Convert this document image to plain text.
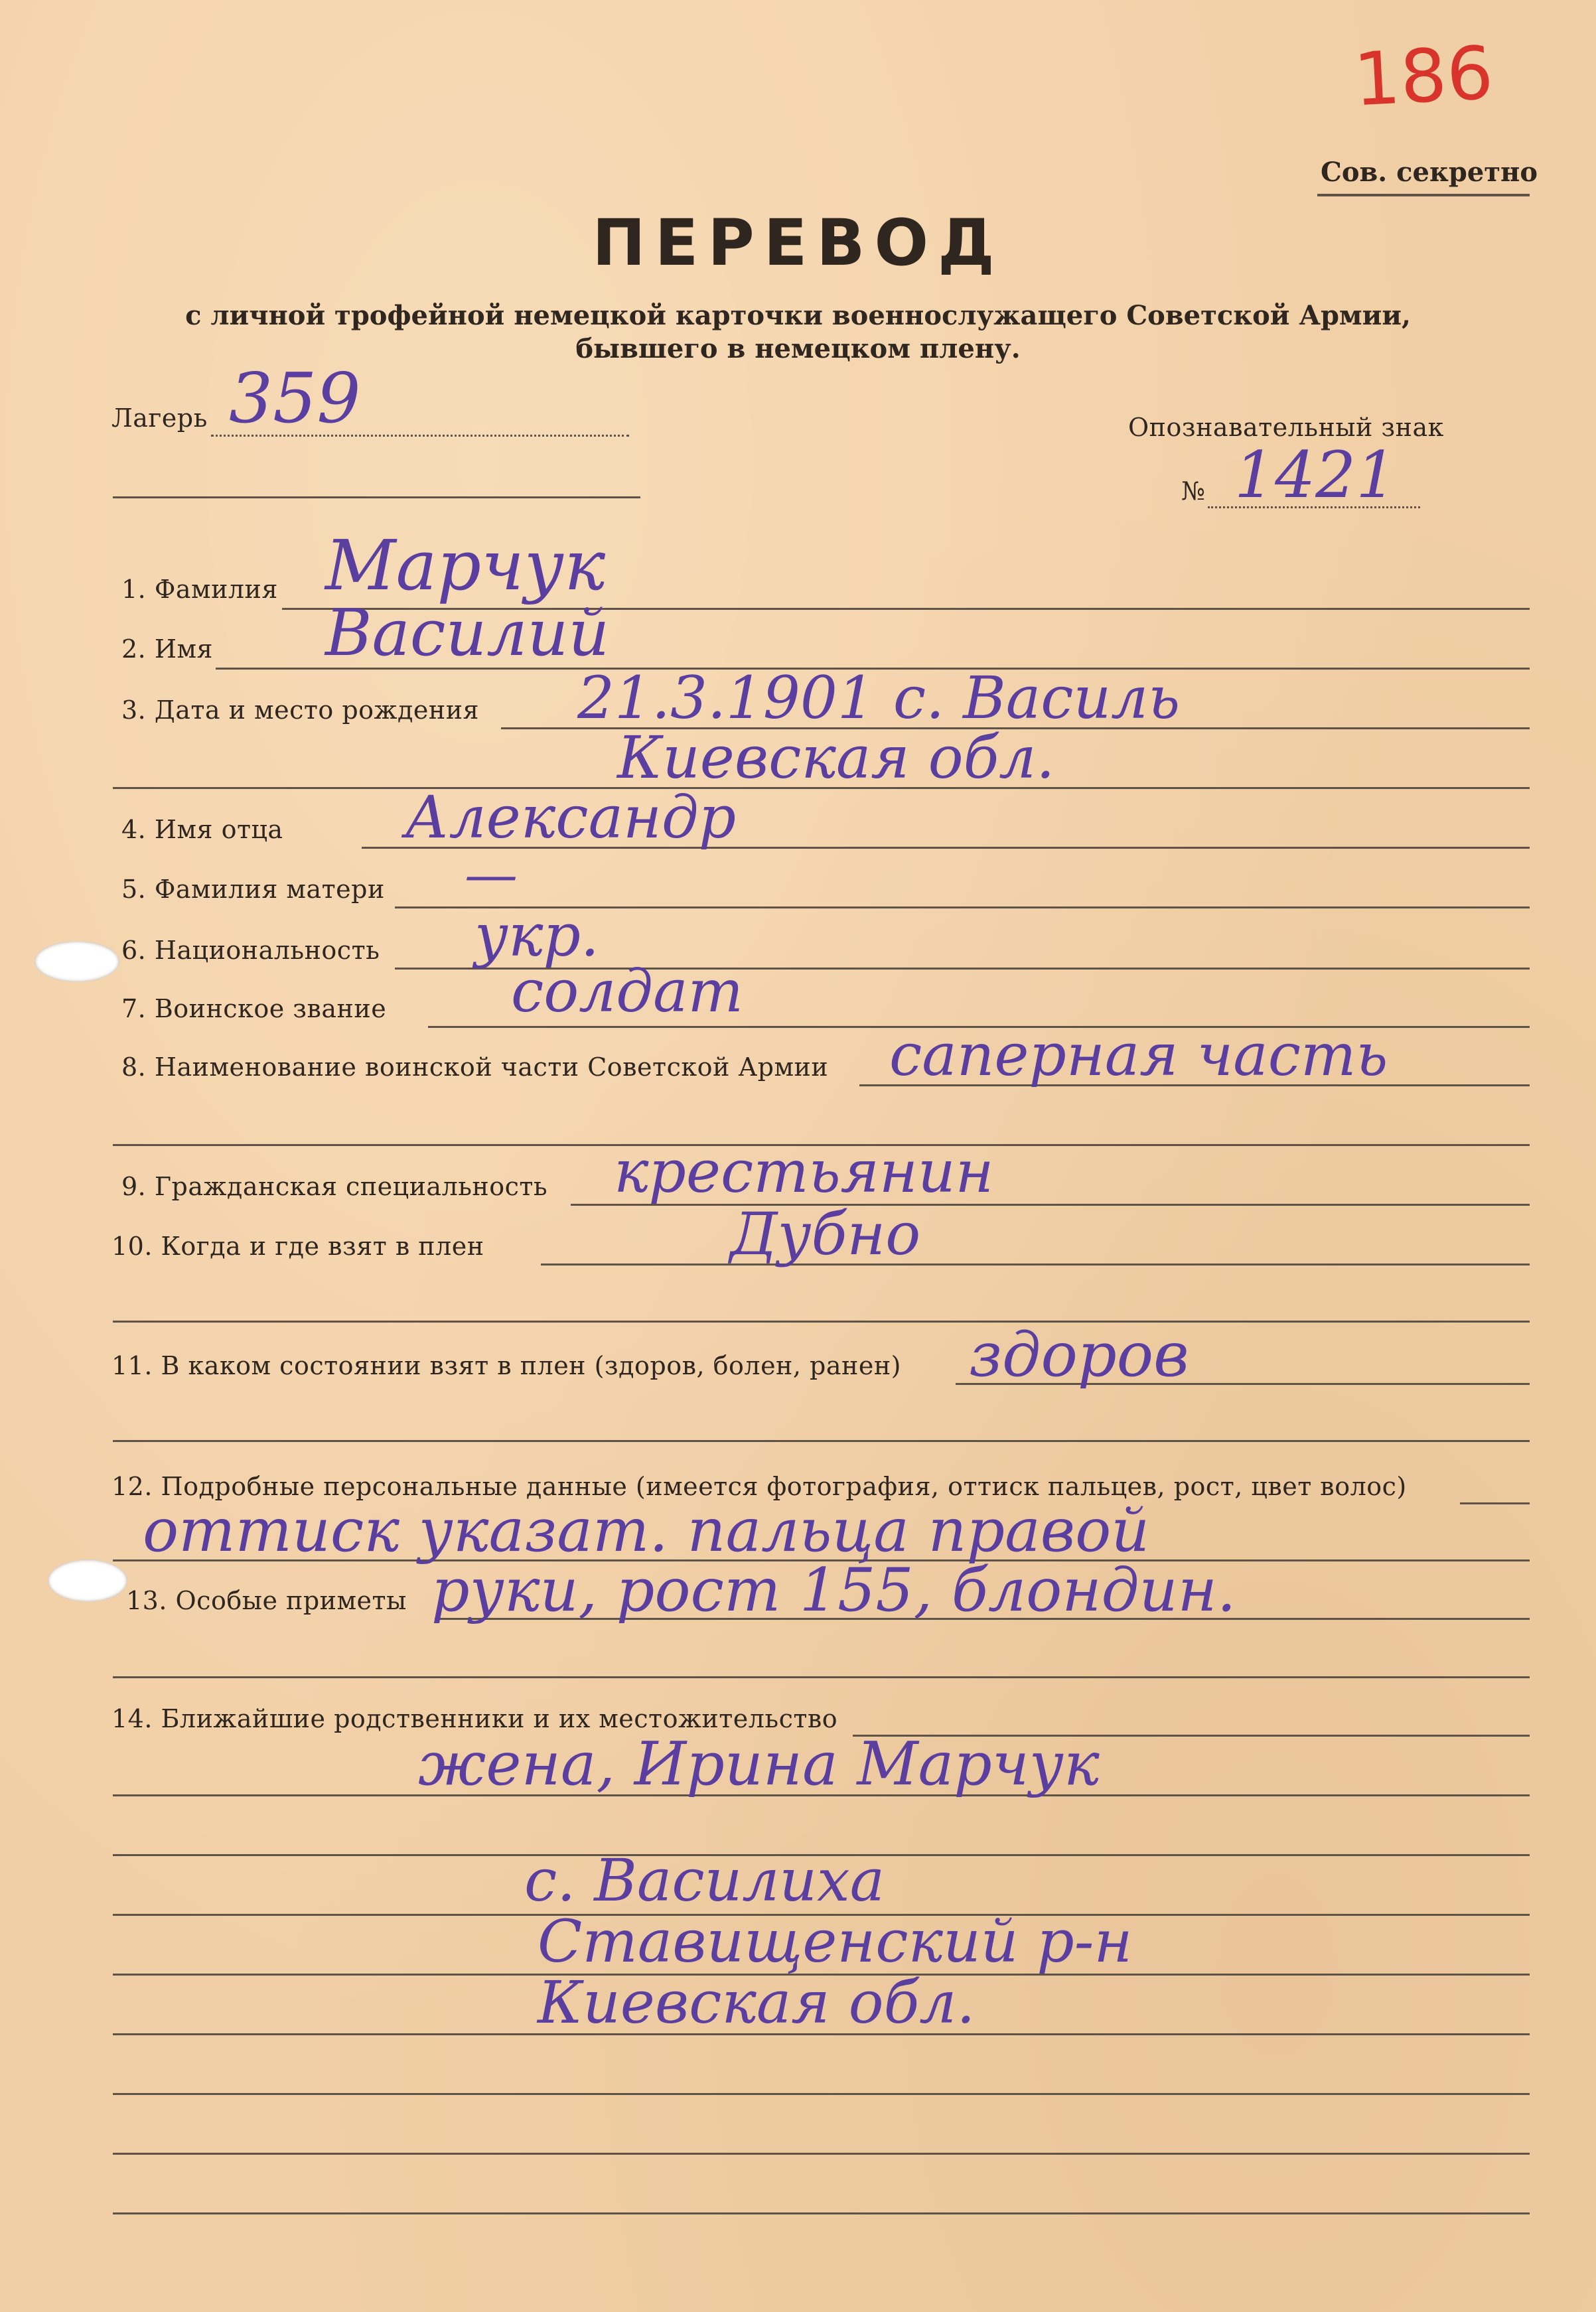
186
Сов. секретно
ПЕРЕВОД
с личной трофейной немецкой карточки военнослужащего Советской Армии,
бывшего в немецком плену.
Лагерь 359	Опознавательный знак
№ 1421
1. Фамилия Марчук
2. Имя Василий
3. Дата и место рождения 21.3.1901 с. Василь
Киевская обл.
4. Имя отца Александр
5. Фамилия матери —
6. Национальность укр.
7. Воинское звание солдат
8. Наименование воинской части Советской Армии саперная часть
9. Гражданская специальность крестьянин
10. Когда и где взят в плен	Дубно
11. В каком состоянии взят в плен (здоров, болен, ранен) здоров
12. Подробные персональные данные (имеется фотография, оттиск пальцев, рост, цвет волос)
оттиск указат. пальца правой
13. Особые приметы руки, рост 155, блондин.
14. Ближайшие родственники и их местожительство
жена, Ирина Марчук
с. Василиха
Ставищенский р-н
Киевская обл.
